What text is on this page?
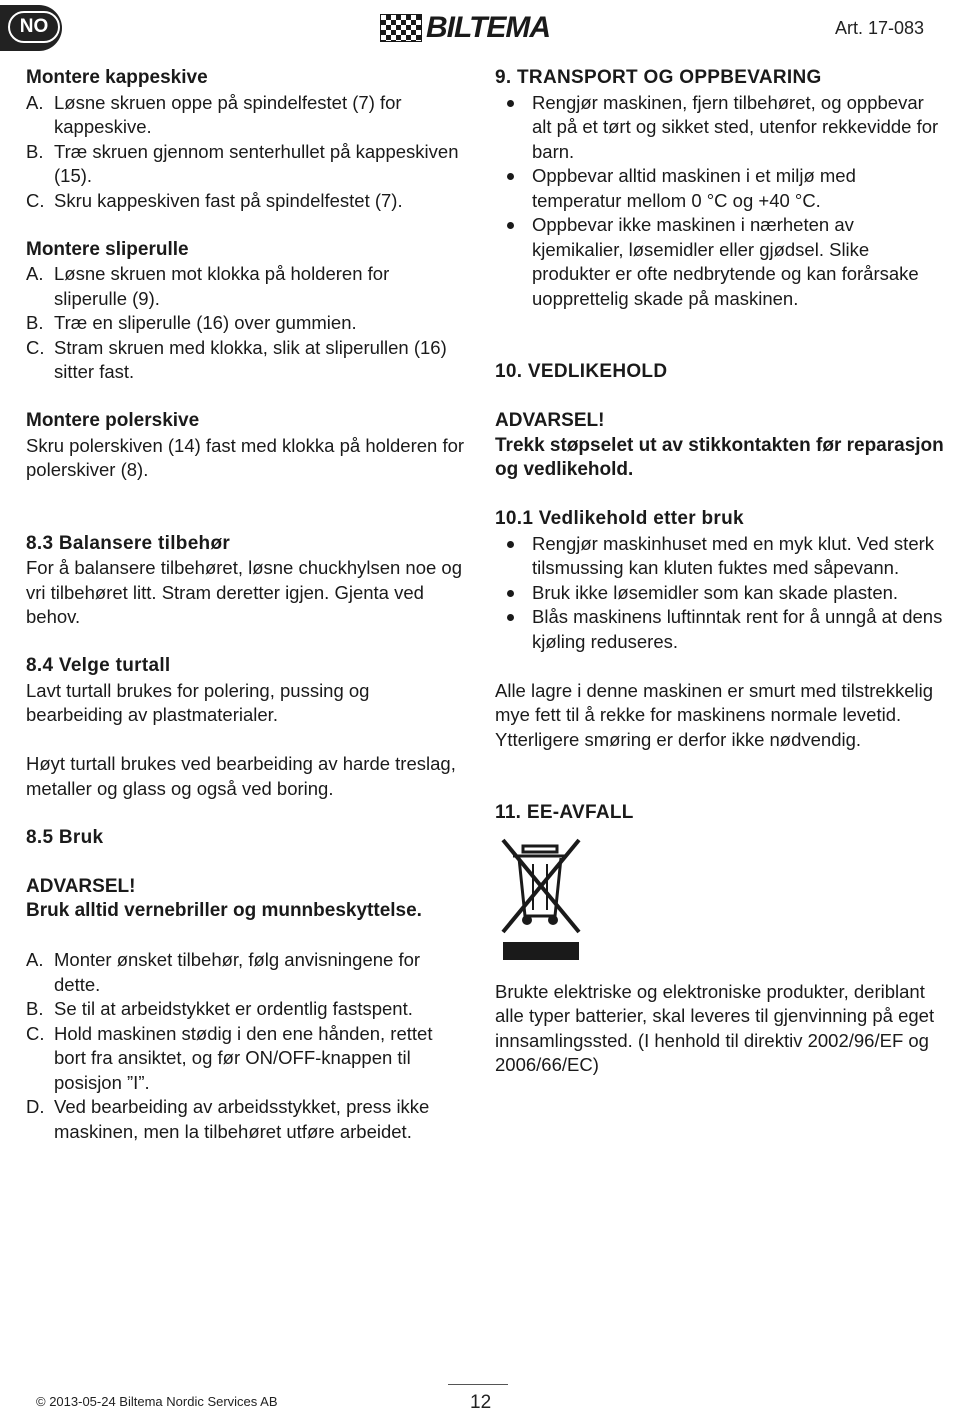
NO	BILTEMA	Art. 17-083

Montere kappeskive

A. Løsne skruen oppe på spindelfestet (7) for kappeskive.
B. Træ skruen gjennom senterhullet på kappeskiven (15).
C. Skru kappeskiven fast på spindelfestet (7).

Montere sliperulle

A. Løsne skruen mot klokka på holderen for sliperulle (9).
B. Træ en sliperulle (16) over gummien.
C. Stram skruen med klokka, slik at sliperullen (16) sitter fast.

Montere polerskive

Skru polerskiven (14) fast med klokka på holderen for polerskiver (8).

8.3 Balansere tilbehør

For å balansere tilbehøret, løsne chuckhylsen noe og vri tilbehøret litt. Stram deretter igjen. Gjenta ved behov.

8.4 Velge turtall

Lavt turtall brukes for polering, pussing og bearbeiding av plastmaterialer.

Høyt turtall brukes ved bearbeiding av harde treslag, metaller og glass og også ved boring.

8.5 Bruk

ADVARSEL!

Bruk alltid vernebriller og munnbeskyttelse.

A. Monter ønsket tilbehør, følg anvisningene for dette.
B. Se til at arbeidstykket er ordentlig fastspent.
C. Hold maskinen stødig i den ene hånden, rettet bort fra ansiktet, og før ON/OFF-knappen til posisjon ”I”.
D. Ved bearbeiding av arbeidsstykket, press ikke maskinen, men la tilbehøret utføre arbeidet.

9. TRANSPORT OG OPPBEVARING

Rengjør maskinen, fjern tilbehøret, og oppbevar alt på et tørt og sikket sted, utenfor rekkevidde for barn.
Oppbevar alltid maskinen i et miljø med temperatur mellom 0 °C og +40 °C.
Oppbevar ikke maskinen i nærheten av kjemikalier, løsemidler eller gjødsel. Slike produkter er ofte nedbrytende og kan forårsake uopprettelig skade på maskinen.

10. VEDLIKEHOLD

ADVARSEL!

Trekk støpselet ut av stikkontakten før reparasjon og vedlikehold.

10.1 Vedlikehold etter bruk

Rengjør maskinhuset med en myk klut. Ved sterk tilsmussing kan kluten fuktes med såpevann.
Bruk ikke løsemidler som kan skade plasten.
Blås maskinens luftinntak rent for å unngå at dens kjøling reduseres.

Alle lagre i denne maskinen er smurt med tilstrekkelig mye fett til å rekke for maskinens normale levetid. Ytterligere smøring er derfor ikke nødvendig.

11. EE-AVFALL

Brukte elektriske og elektroniske produkter, deriblant alle typer batterier, skal leveres til gjenvinning på eget innsamlingssted. (I henhold til direktiv 2002/96/EF og 2006/66/EC)

© 2013-05-24 Biltema Nordic Services AB	12
